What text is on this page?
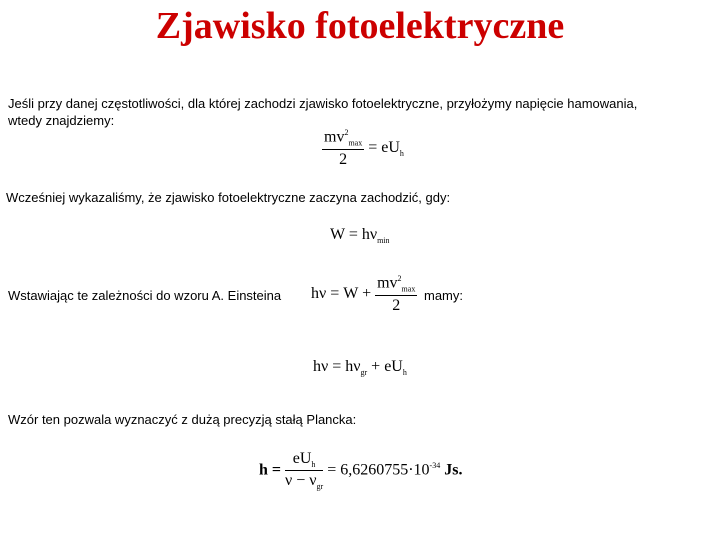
Zjawisko fotoelektryczne
Jeśli przy danej częstotliwości, dla której zachodzi zjawisko fotoelektryczne, przyłożymy napięcie hamowania,
wtedy znajdziemy:
$\frac{mv^2_{max}}{2} = eU_h$
Wcześniej wykazaliśmy, że zjawisko fotoelektryczne zaczyna zachodzić, gdy:
$W = h\nu_{min}$
Wstawiając te zależności do wzoru A. Einsteina $h\nu = W + \frac{mv^2_{max}}{2}$ mamy:
$h\nu = h\nu_{gr} + eU_h$
Wzór ten pozwala wyznaczyć z dużą precyzją stałą Plancka:
$h = \frac{eU_h}{\nu - \nu_{gr}} = 6,6260755\cdot 10^{-34}$ Js.
